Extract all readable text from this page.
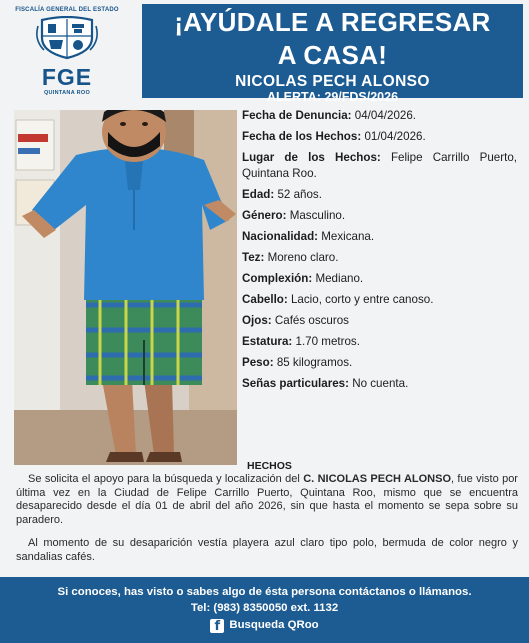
FISCALÍA GENERAL DEL ESTADO
FGE
QUINTANA ROO
¡AYÚDALE A REGRESAR
A CASA!
NICOLAS PECH ALONSO
ALERTA: 29/FDS/2026
Fecha de Denuncia: 04/04/2026.
Fecha de los Hechos: 01/04/2026.
Lugar de los Hechos: Felipe Carrillo Puerto, Quintana Roo.
Edad: 52 años.
Género: Masculino.
Nacionalidad: Mexicana.
Tez: Moreno claro.
Complexión: Mediano.
Cabello: Lacio, corto y entre canoso.
Ojos: Cafés oscuros
Estatura: 1.70 metros.
Peso: 85 kilogramos.
Señas particulares: No cuenta.
HECHOS

Se solicita el apoyo para la búsqueda y localización del C. NICOLAS PECH ALONSO, fue visto por última vez en la Ciudad de Felipe Carrillo Puerto, Quintana Roo, mismo que se encuentra desaparecido desde el día 01 de abril del año 2026, sin que hasta el momento se sepa sobre su paradero.

Al momento de su desaparición vestía playera azul claro tipo polo, bermuda de color negro y sandalias cafés.

Si conoces, has visto o sabes algo de ésta persona contáctanos o llámanos.
Tel: (983) 8350050 ext. 1132
f Busqueda QRoo
